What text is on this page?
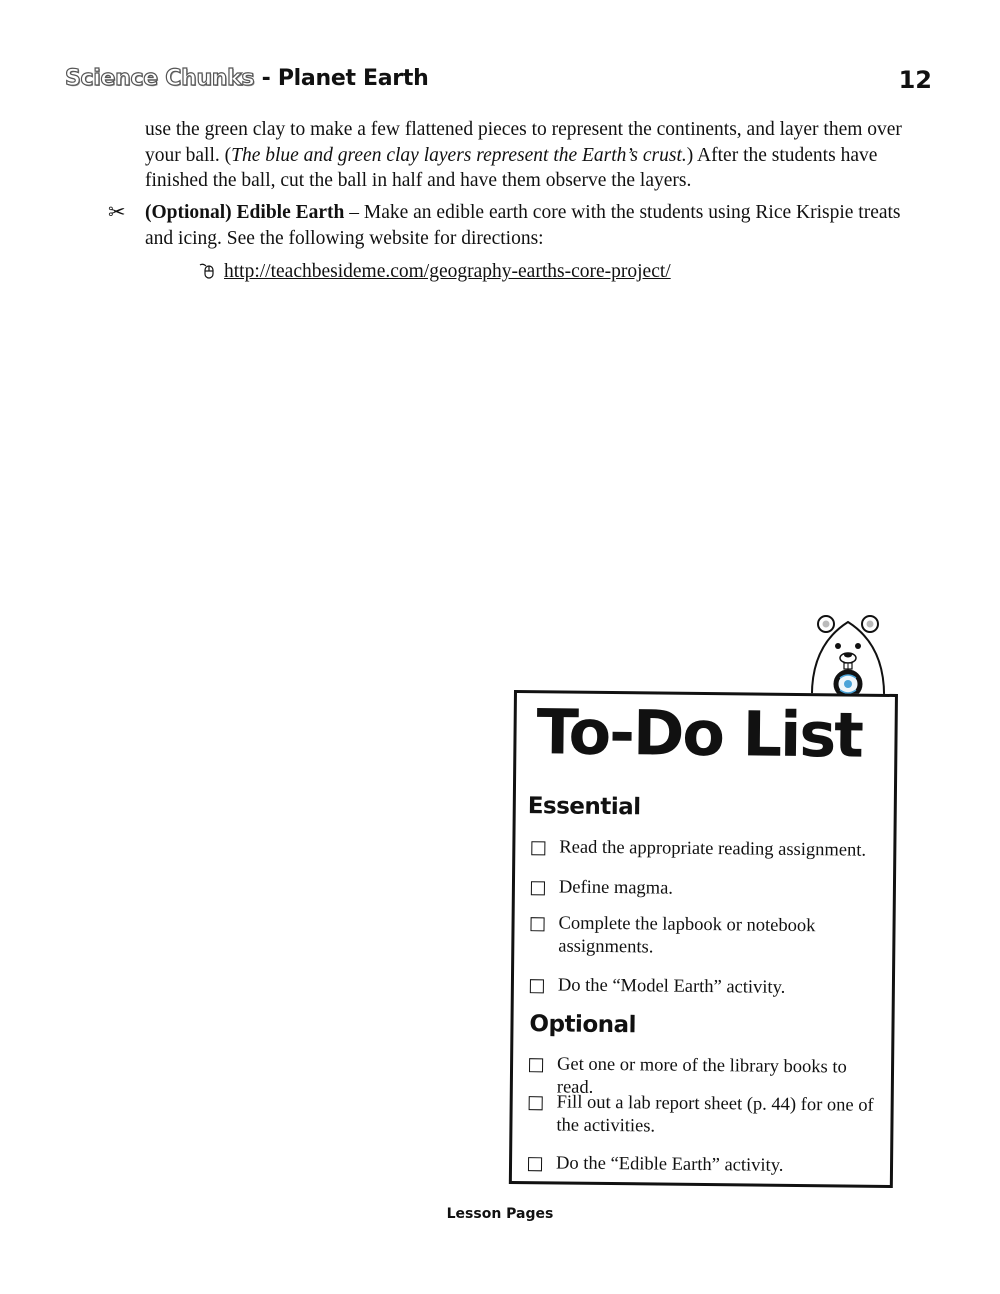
Science Chunks - Planet Earth	12
use the green clay to make a few flattened pieces to represent the continents, and layer them over your ball. (The blue and green clay layers represent the Earth’s crust.) After the students have finished the ball, cut the ball in half and have them observe the layers.
✂ (Optional) Edible Earth – Make an edible earth core with the students using Rice Krispie treats and icing. See the following website for directions:
http://teachbesideme.com/geography-earths-core-project/
To-Do List
Essential
Read the appropriate reading assignment.
Define magma.
Complete the lapbook or notebook assignments.
Do the “Model Earth” activity.
Optional
Get one or more of the library books to read.
Fill out a lab report sheet (p. 44) for one of the activities.
Do the “Edible Earth” activity.
Lesson Pages
